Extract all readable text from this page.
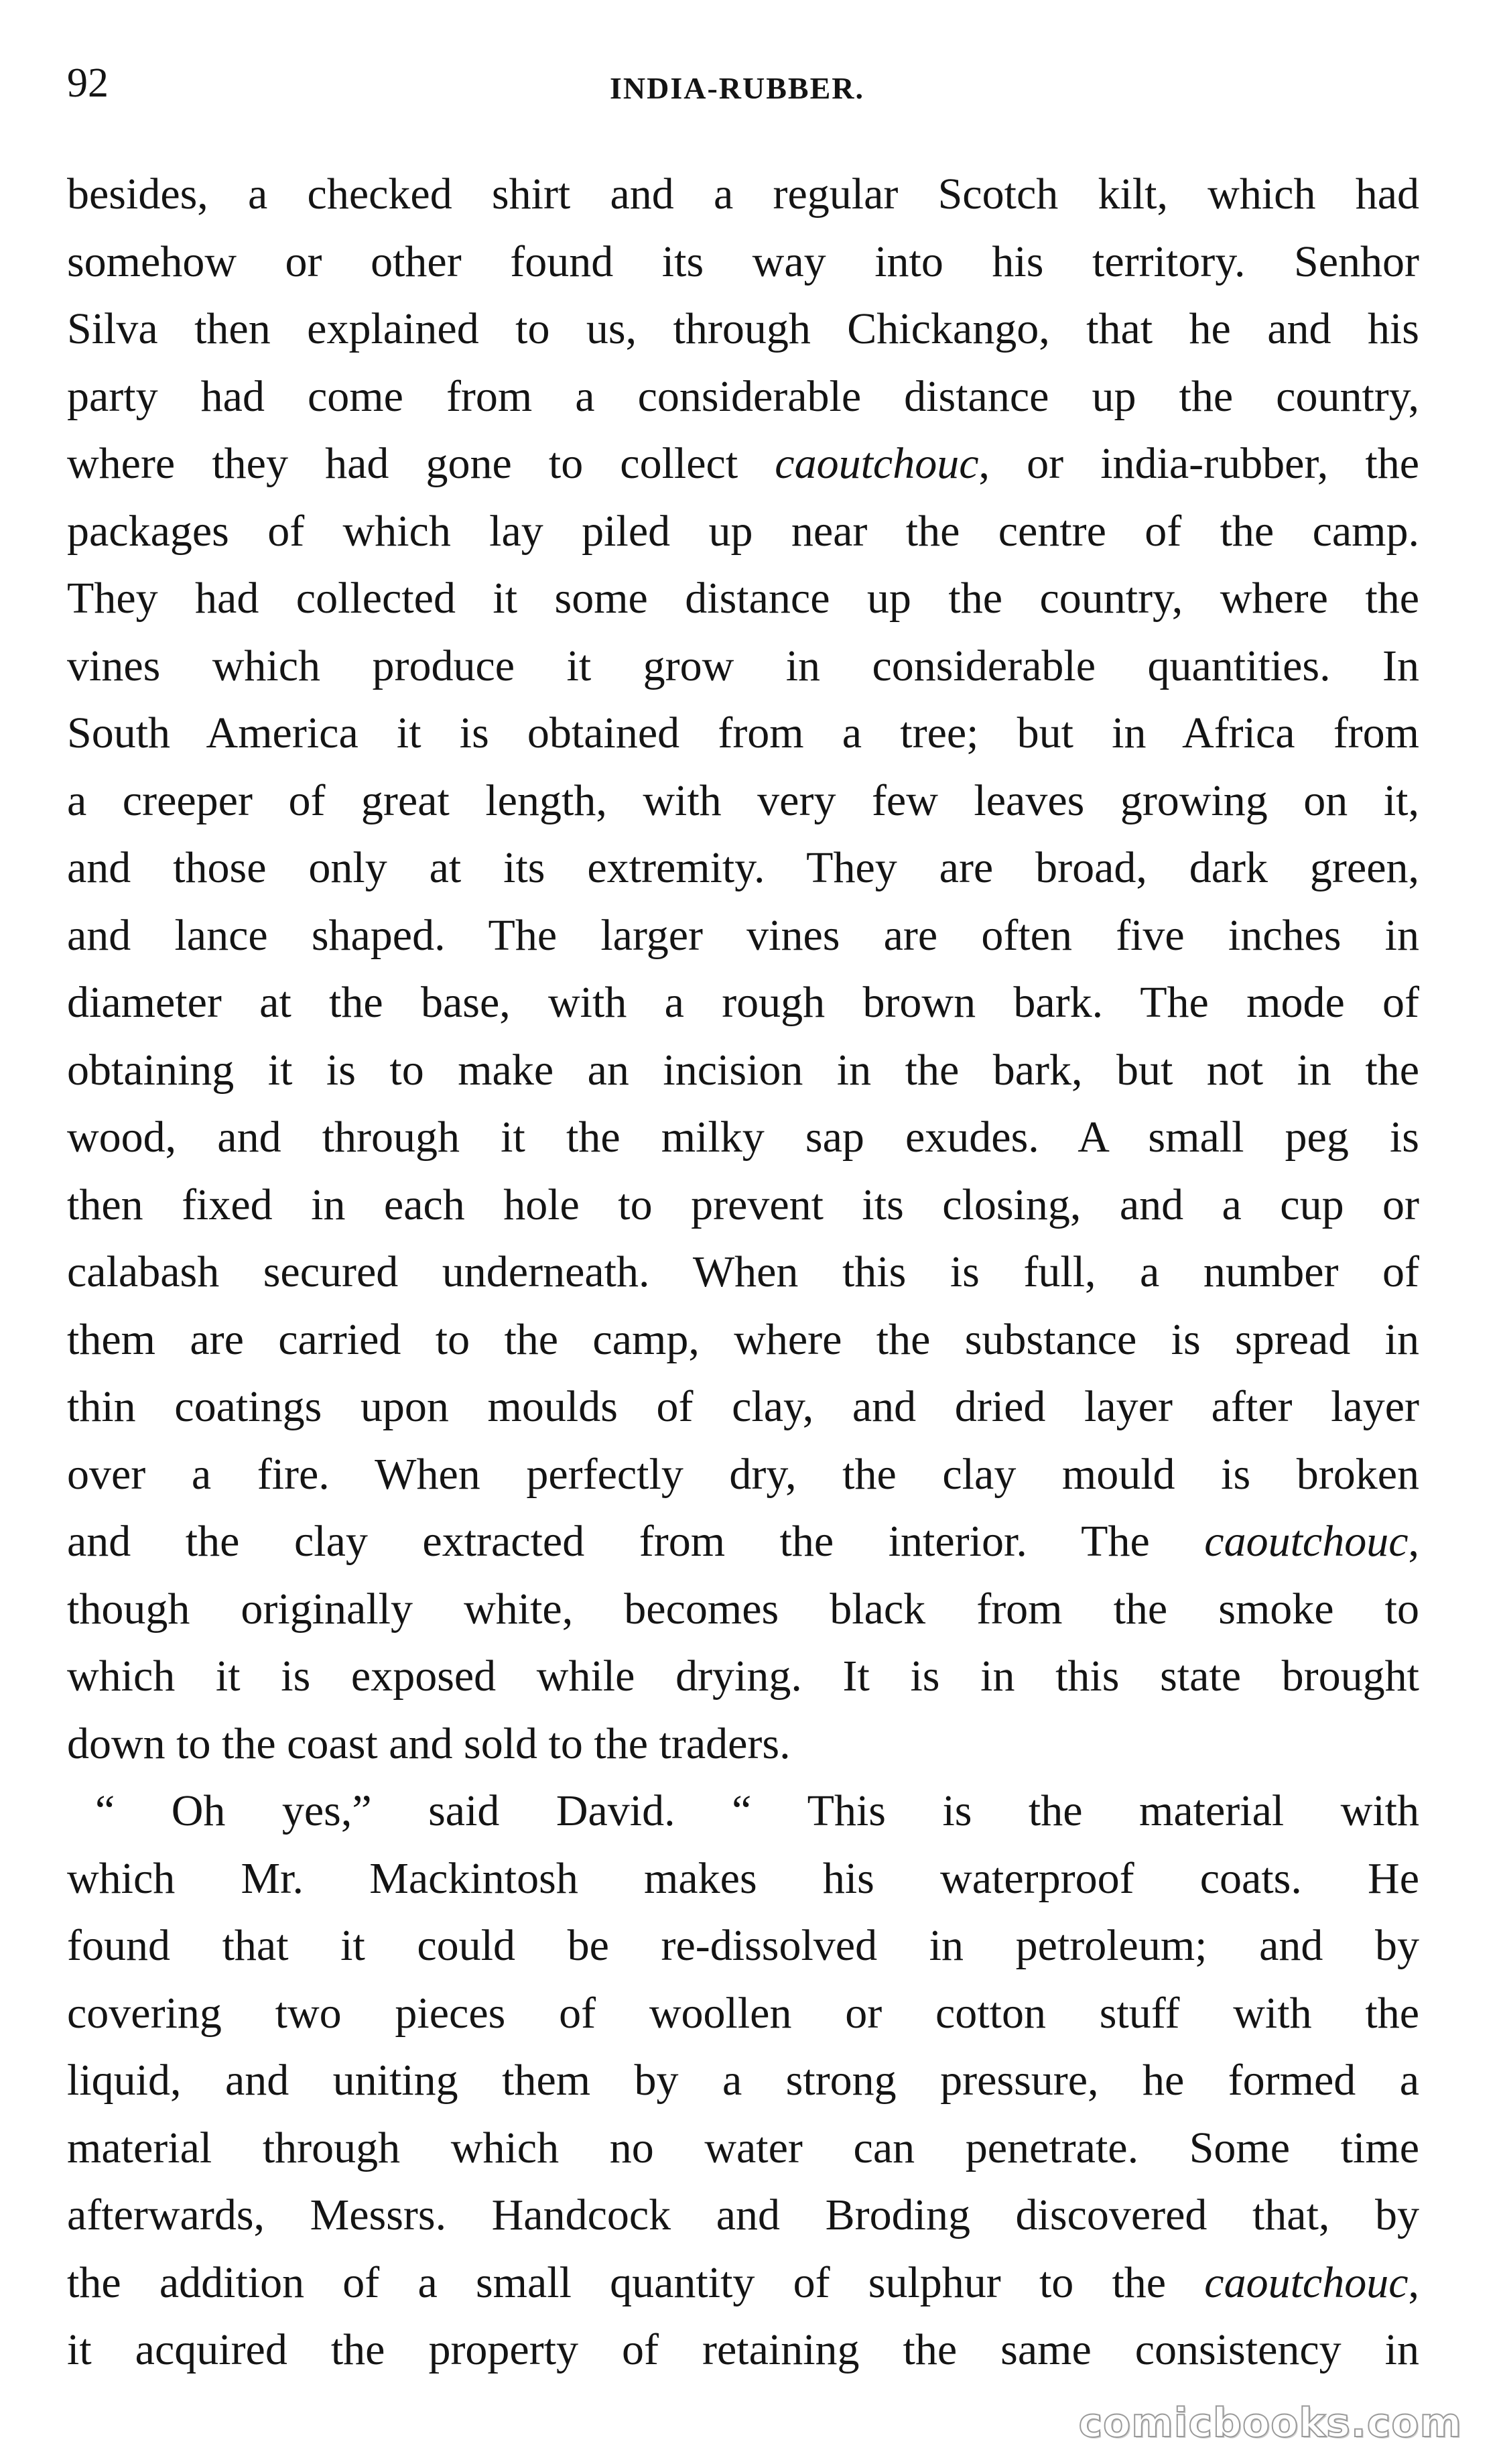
92	INDIA-RUBBER.
besides, a checked shirt and a regular Scotch kilt, which had
somehow or other found its way into his territory. Senhor
Silva then explained to us, through Chickango, that he and his
party had come from a considerable distance up the country,
where they had gone to collect caoutchouc, or india-rubber, the
packages of which lay piled up near the centre of the camp.
They had collected it some distance up the country, where the
vines which produce it grow in considerable quantities. In
South America it is obtained from a tree; but in Africa from
a creeper of great length, with very few leaves growing on it,
and those only at its extremity. They are broad, dark green,
and lance shaped. The larger vines are often five inches in
diameter at the base, with a rough brown bark. The mode of
obtaining it is to make an incision in the bark, but not in the
wood, and through it the milky sap exudes. A small peg is
then fixed in each hole to prevent its closing, and a cup or
calabash secured underneath. When this is full, a number of
them are carried to the camp, where the substance is spread in
thin coatings upon moulds of clay, and dried layer after layer
over a fire. When perfectly dry, the clay mould is broken
and the clay extracted from the interior. The caoutchouc,
though originally white, becomes black from the smoke to
which it is exposed while drying. It is in this state brought
down to the coast and sold to the traders.
“ Oh yes,” said David. “ This is the material with
which Mr. Mackintosh makes his waterproof coats. He
found that it could be re-dissolved in petroleum; and by
covering two pieces of woollen or cotton stuff with the
liquid, and uniting them by a strong pressure, he formed a
material through which no water can penetrate. Some time
afterwards, Messrs. Handcock and Broding discovered that, by
the addition of a small quantity of sulphur to the caoutchouc,
it acquired the property of retaining the same consistency in
comicbooks.com
